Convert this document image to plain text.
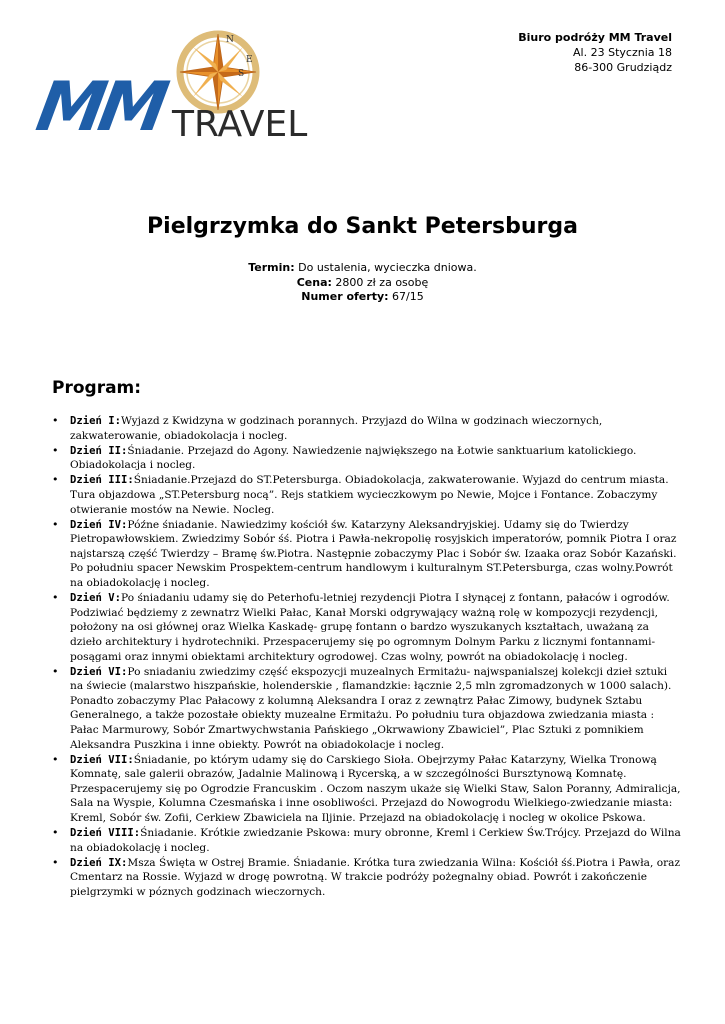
E
S
N
MM TRAVEL
Biuro podróży MM Travel
Al. 23 Stycznia 18
86-300 Grudziądz
Pielgrzymka do Sankt Petersburga
Termin: Do ustalenia, wycieczka dniowa.
Cena: 2800 zł za osobę
Numer oferty: 67/15
Program:
• Dzień I:Wyjazd z Kwidzyna w godzinach porannych. Przyjazd do Wilna w godzinach wieczornych, zakwaterowanie, obiadokolacja i nocleg.
• Dzień II:Śniadanie. Przejazd do Agony. Nawiedzenie największego na Łotwie sanktuarium katolickiego. Obiadokolacja i nocleg.
• Dzień III:Śniadanie.Przejazd do ST.Petersburga. Obiadokolacja, zakwaterowanie. Wyjazd do centrum miasta. Tura objazdowa „ST.Petersburg nocą”. Rejs statkiem wycieczkowym po Newie, Mojce i Fontance. Zobaczymy otwieranie mostów na Newie. Nocleg.
• Dzień IV:Późne śniadanie. Nawiedzimy kościół św. Katarzyny Aleksandryjskiej. Udamy się do Twierdzy Pietropawłowskiem. Zwiedzimy Sobór śś. Piotra i Pawła-nekropolię rosyjskich imperatorów, pomnik Piotra I oraz najstarszą część Twierdzy – Bramę św.Piotra. Następnie zobaczymy Plac i Sobór św. Izaaka oraz Sobór Kazański. Po południu spacer Newskim Prospektem-centrum handlowym i kulturalnym ST.Petersburga, czas wolny.Powrót na obiadokolację i nocleg.
• Dzień V:Po śniadaniu udamy się do Peterhofu-letniej rezydencji Piotra I słynącej z fontann, pałaców i ogrodów. Podziwiać będziemy z zewnatrz Wielki Pałac, Kanał Morski odgrywający ważną rolę w kompozycji rezydencji, położony na osi głównej oraz Wielka Kaskadę- grupę fontann o bardzo wyszukanych kształtach, uważaną za dzieło architektury i hydrotechniki. Przespacerujemy się po ogromnym Dolnym Parku z licznymi fontannami-posągami oraz innymi obiektami architektury ogrodowej. Czas wolny, powrót na obiadokolację i nocleg.
• Dzień VI:Po sniadaniu zwiedzimy część ekspozycji muzealnych Ermitażu- najwspanialszej kolekcji dzieł sztuki na świecie (malarstwo hiszpańskie, holenderskie , flamandzkie: łącznie 2,5 mln zgromadzonych w 1000 salach). Ponadto zobaczymy Plac Pałacowy z kolumną Aleksandra I oraz z zewnątrz Pałac Zimowy, budynek Sztabu Generalnego, a także pozostałe obiekty muzealne Ermitażu. Po południu tura objazdowa zwiedzania miasta : Pałac Marmurowy, Sobór Zmartwychwstania Pańskiego „Okrwawiony Zbawiciel”, Plac Sztuki z pomnikiem Aleksandra Puszkina i inne obiekty. Powrót na obiadokolacje i nocleg.
• Dzień VII:Śniadanie, po którym udamy się do Carskiego Sioła. Obejrzymy Pałac Katarzyny, Wielka Tronową Komnatę, sale galerii obrazów, Jadalnie Malinową i Rycerską, a w szczególności Bursztynową Komnatę. Przespacerujemy się po Ogrodzie Francuskim . Oczom naszym ukaże się Wielki Staw, Salon Poranny, Admiralicja, Sala na Wyspie, Kolumna Czesmańska i inne osobliwości. Przejazd do Nowogrodu Wielkiego-zwiedzanie miasta: Kreml, Sobór św. Zofii, Cerkiew Zbawiciela na Iljinie. Przejazd na obiadokolację i nocleg w okolice Pskowa.
• Dzień VIII:Śniadanie. Krótkie zwiedzanie Pskowa: mury obronne, Kreml i Cerkiew Św.Trójcy. Przejazd do Wilna na obiadokolację i nocleg.
• Dzień IX:Msza Święta w Ostrej Bramie. Śniadanie. Krótka tura zwiedzania Wilna: Kościół śś.Piotra i Pawła, oraz Cmentarz na Rossie. Wyjazd w drogę powrotną. W trakcie podróży pożegnalny obiad. Powrót i zakończenie pielgrzymki w póznych godzinach wieczornych.
